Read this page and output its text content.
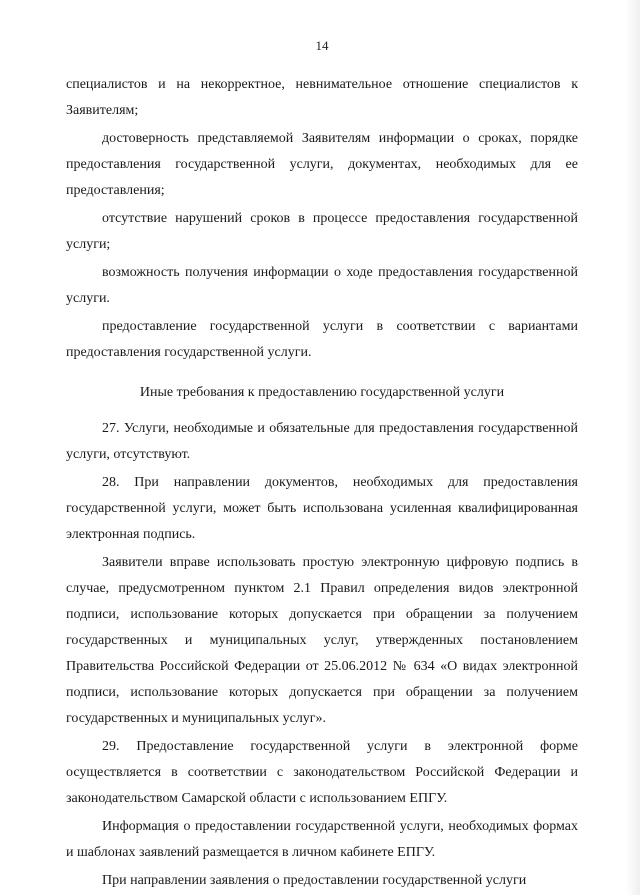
14

специалистов и на некорректное, невнимательное отношение специалистов к Заявителям;

достоверность представляемой Заявителям информации о сроках, порядке предоставления государственной услуги, документах, необходимых для ее предоставления;

отсутствие нарушений сроков в процессе предоставления государственной услуги;

возможность получения информации о ходе предоставления государственной услуги.

предоставление государственной услуги в соответствии с вариантами предоставления государственной услуги.

Иные требования к предоставлению государственной услуги

27. Услуги, необходимые и обязательные для предоставления государственной услуги, отсутствуют.

28. При направлении документов, необходимых для предоставления государственной услуги, может быть использована усиленная квалифицированная электронная подпись.

Заявители вправе использовать простую электронную цифровую подпись в случае, предусмотренном пунктом 2.1 Правил определения видов электронной подписи, использование которых допускается при обращении за получением государственных и муниципальных услуг, утвержденных постановлением Правительства Российской Федерации от 25.06.2012 № 634 «О видах электронной подписи, использование которых допускается при обращении за получением государственных и муниципальных услуг».

29. Предоставление государственной услуги в электронной форме осуществляется в соответствии с законодательством Российской Федерации и законодательством Самарской области с использованием ЕПГУ.

Информация о предоставлении государственной услуги, необходимых формах и шаблонах заявлений размещается в личном кабинете ЕПГУ.

При направлении заявления о предоставлении государственной услуги
